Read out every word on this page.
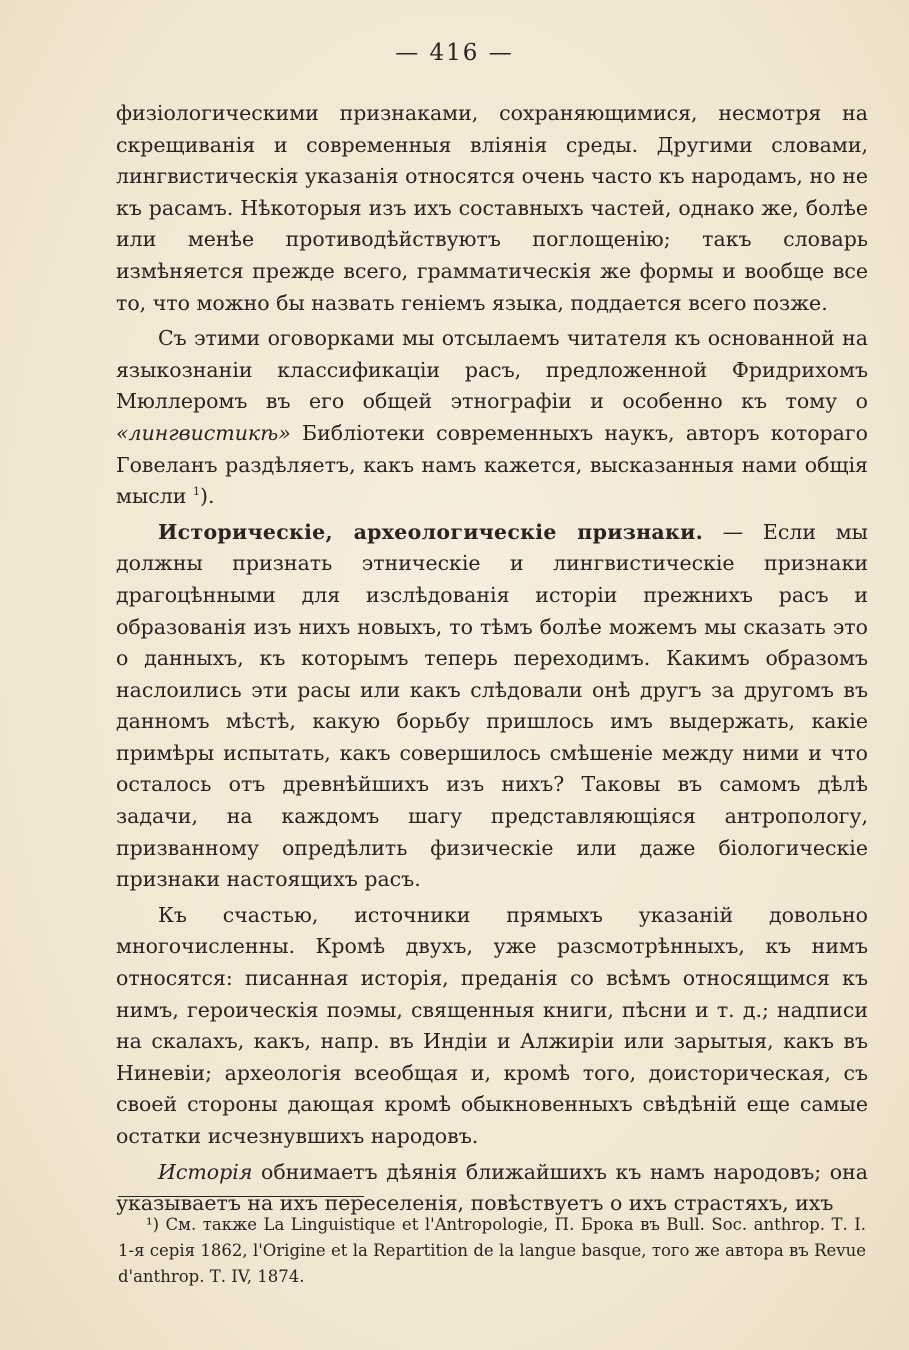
— 416 —

физіологическими признаками, сохраняющимися, несмотря на скрещиванія и современныя вліянія среды. Другими словами, лингвистическія указанія относятся очень часто къ народамъ, но не къ расамъ. Нѣкоторыя изъ ихъ составныхъ частей, однако же, болѣе или менѣе противодѣйствуютъ поглощенію; такъ словарь измѣняется прежде всего, грамматическія же формы и вообще все то, что можно бы назвать геніемъ языка, поддается всего позже.

Съ этими оговорками мы отсылаемъ читателя къ основанной на языкознаніи классификаціи расъ, предложенной Фридрихомъ Мюллеромъ въ его общей этнографіи и особенно къ тому о «лингвистикѣ» Библіотеки современныхъ наукъ, авторъ котораго Говеланъ раздѣляетъ, какъ намъ кажется, высказанныя нами общія мысли $^1$).

Историческіе, археологическіе признаки. — Если мы должны признать этническіе и лингвистическіе признаки драгоцѣнными для изслѣдованія исторіи прежнихъ расъ и образованія изъ нихъ новыхъ, то тѣмъ болѣе можемъ мы сказать это о данныхъ, къ которымъ теперь переходимъ. Какимъ образомъ наслоились эти расы или какъ слѣдовали онѣ другъ за другомъ въ данномъ мѣстѣ, какую борьбу пришлось имъ выдержать, какіе примѣры испытать, какъ совершилось смѣшеніе между ними и что осталось отъ древнѣйшихъ изъ нихъ? Таковы въ самомъ дѣлѣ задачи, на каждомъ шагу представляющіяся антропологу, призванному опредѣлить физическіе или даже біологическіе признаки настоящихъ расъ.

Къ счастью, источники прямыхъ указаній довольно многочисленны. Кромѣ двухъ, уже разсмотрѣнныхъ, къ нимъ относятся: писанная исторія, преданія со всѣмъ относящимся къ нимъ, героическія поэмы, священныя книги, пѣсни и т. д.; надписи на скалахъ, какъ, напр. въ Индіи и Алжиріи или зарытыя, какъ въ Ниневіи; археологія всеобщая и, кромѣ того, доисторическая, съ своей стороны дающая кромѣ обыкновенныхъ свѣдѣній еще самые остатки исчезнувшихъ народовъ.

Исторія обнимаетъ дѣянія ближайшихъ къ намъ народовъ; она указываетъ на ихъ переселенія, повѣствуетъ о ихъ страстяхъ, ихъ

¹) См. также La Linguistique et l'Antropologie, П. Брока въ Bull. Soc. anthrop. Т. I. 1-я серія 1862, l'Origine et la Repartition de la langue basque, того же автора въ Revue d'anthrop. Т. IV, 1874.
